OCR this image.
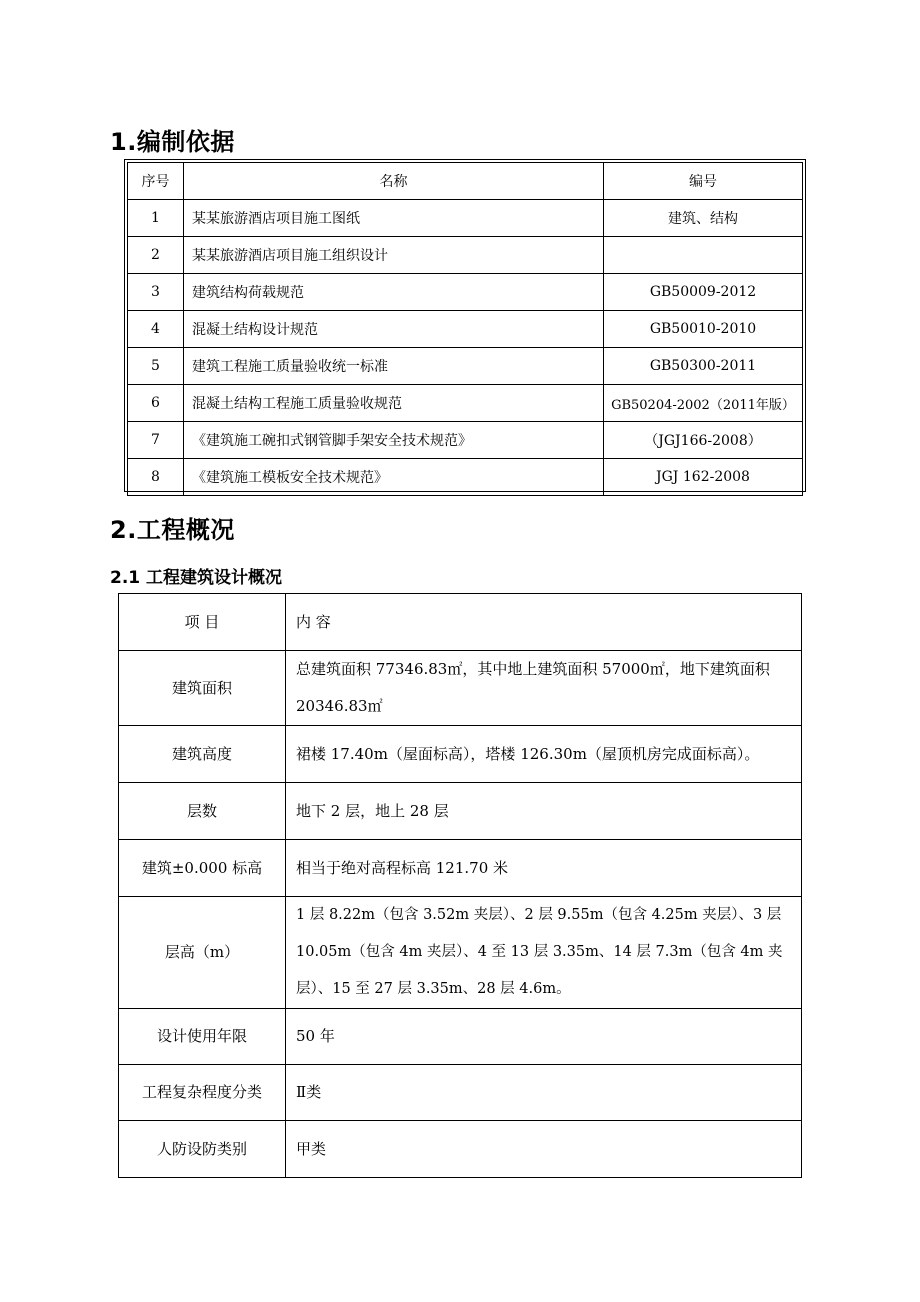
1.编制依据
序号	名称	编号
1	某某旅游酒店项目施工图纸	建筑、结构
2	某某旅游酒店项目施工组织设计	
3	建筑结构荷载规范	GB50009-2012
4	混凝土结构设计规范	GB50010-2010
5	建筑工程施工质量验收统一标准	GB50300-2011
6	混凝土结构工程施工质量验收规范	GB50204-2002（2011年版）
7	《建筑施工碗扣式钢管脚手架安全技术规范》	（JGJ166-2008）
8	《建筑施工模板安全技术规范》	JGJ 162-2008
2.工程概况
2.1 工程建筑设计概况
项 目	内 容
建筑面积	总建筑面积 77346.83㎡，其中地上建筑面积 57000㎡，地下建筑面积 20346.83㎡
建筑高度	裙楼 17.40m（屋面标高），塔楼 126.30m（屋顶机房完成面标高）。
层数	地下 2 层，地上 28 层
建筑±0.000 标高	相当于绝对高程标高 121.70 米
层高（m）	1 层 8.22m（包含 3.52m 夹层）、2 层 9.55m（包含 4.25m 夹层）、3 层 10.05m（包含 4m 夹层）、4 至 13 层 3.35m、14 层 7.3m（包含 4m 夹层）、15 至 27 层 3.35m、28 层 4.6m。
设计使用年限	50 年
工程复杂程度分类	Ⅱ类
人防设防类别	甲类
